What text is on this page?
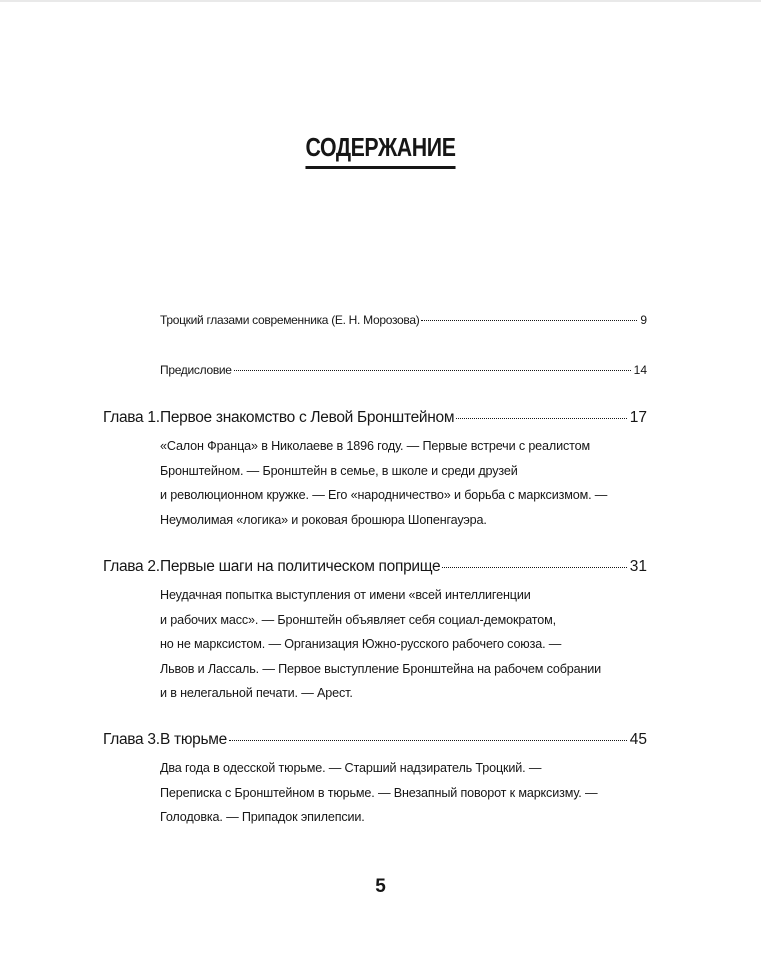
СОДЕРЖАНИЕ
Троцкий глазами современника (Е. Н. Морозова)	9
Предисловие	14
Глава 1. Первое знакомство с Левой Бронштейном	17
«Салон Франца» в Николаеве в 1896 году. — Первые встречи с реалистом
Бронштейном. — Бронштейн в семье, в школе и среди друзей
и революционном кружке. — Его «народничество» и борьба с марксизмом. —
Неумолимая «логика» и роковая брошюра Шопенгауэра.
Глава 2. Первые шаги на политическом поприще	31
Неудачная попытка выступления от имени «всей интеллигенции
и рабочих масс». — Бронштейн объявляет себя социал-демократом,
но не марксистом. — Организация Южно-русского рабочего союза. —
Львов и Лассаль. — Первое выступление Бронштейна на рабочем собрании
и в нелегальной печати. — Арест.
Глава 3. В тюрьме	45
Два года в одесской тюрьме. — Старший надзиратель Троцкий. —
Переписка с Бронштейном в тюрьме. — Внезапный поворот к марксизму. —
Голодовка. — Припадок эпилепсии.
5
